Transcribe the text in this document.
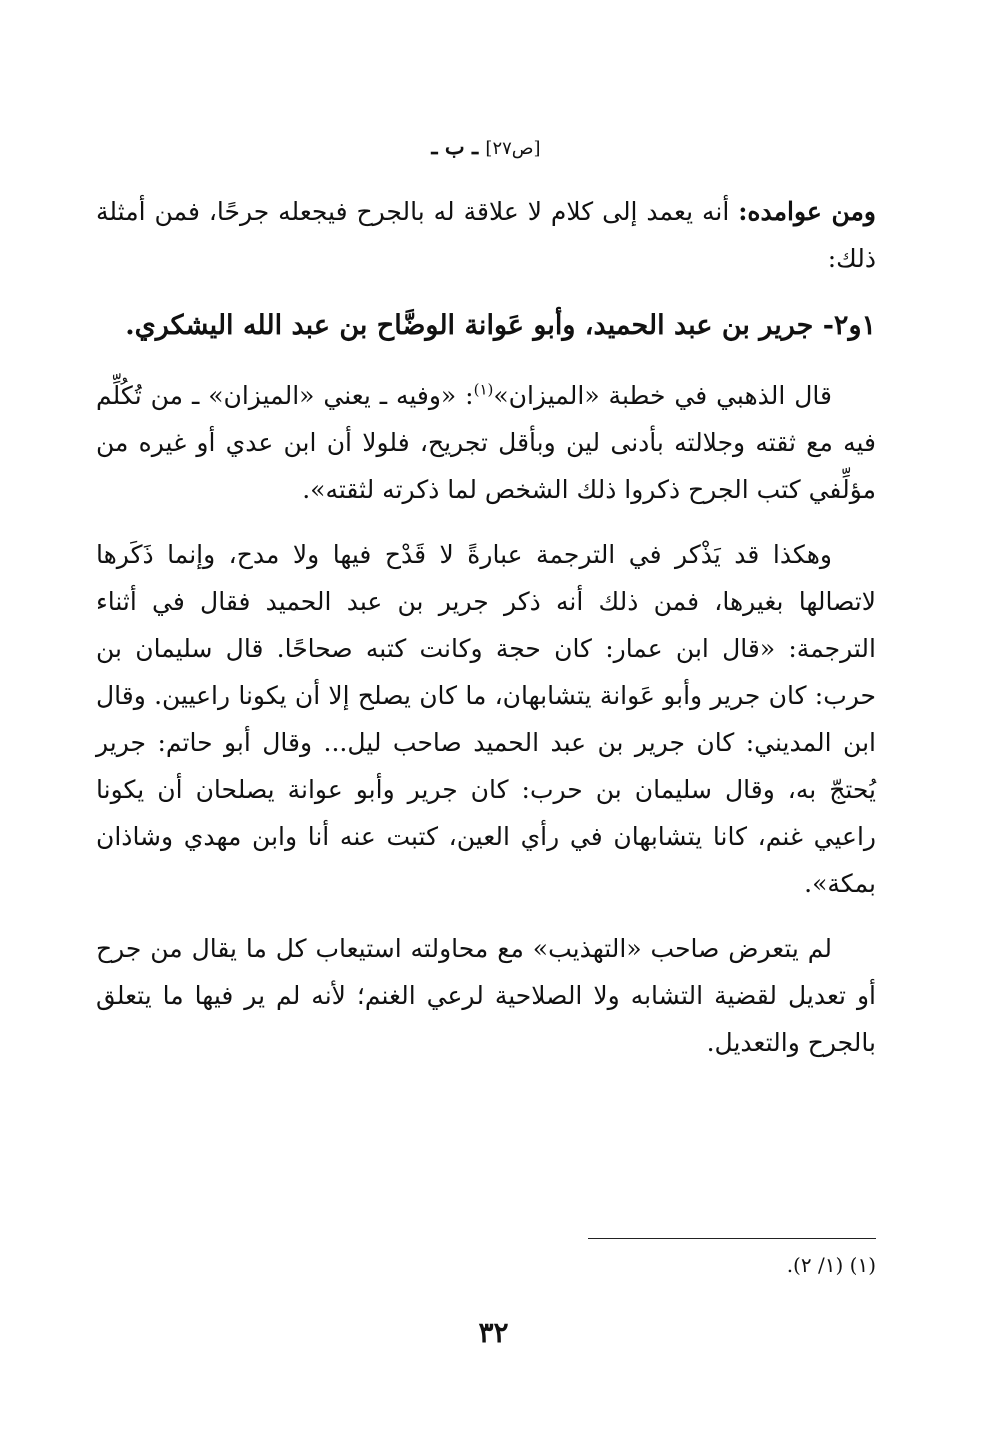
[ص٢٧] ـ ب ـ

ومن عوامده: أنه يعمد إلى كلام لا علاقة له بالجرح فيجعله جرحًا، فمن أمثلة ذلك:

١و٢- جرير بن عبد الحميد، وأبو عَوانة الوضَّاح بن عبد الله اليشكري.

قال الذهبي في خطبة «الميزان»$^{(١)}$: «وفيه ـ يعني «الميزان» ـ من تُكُلِّم فيه مع ثقته وجلالته بأدنى لين وبأقل تجريح، فلولا أن ابن عدي أو غيره من مؤلِّفي كتب الجرح ذكروا ذلك الشخص لما ذكرته لثقته».

وهكذا قد يَذْكر في الترجمة عبارةً لا قَدْح فيها ولا مدح، وإنما ذَكَرها لاتصالها بغيرها، فمن ذلك أنه ذكر جرير بن عبد الحميد فقال في أثناء الترجمة: «قال ابن عمار: كان حجة وكانت كتبه صحاحًا. قال سليمان بن حرب: كان جرير وأبو عَوانة يتشابهان، ما كان يصلح إلا أن يكونا راعيين. وقال ابن المديني: كان جرير بن عبد الحميد صاحب ليل... وقال أبو حاتم: جرير يُحتجّ به، وقال سليمان بن حرب: كان جرير وأبو عوانة يصلحان أن يكونا راعيي غنم، كانا يتشابهان في رأي العين، كتبت عنه أنا وابن مهدي وشاذان بمكة».

لم يتعرض صاحب «التهذيب» مع محاولته استيعاب كل ما يقال من جرح أو تعديل لقضية التشابه ولا الصلاحية لرعي الغنم؛ لأنه لم ير فيها ما يتعلق بالجرح والتعديل.

(١) (١/ ٢).
٣٢
